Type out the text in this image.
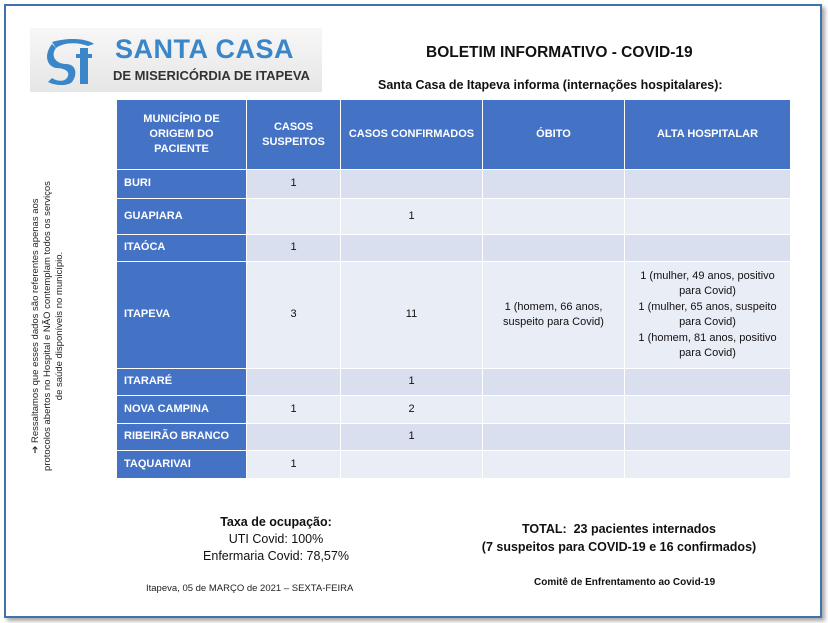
SANTA CASA
DE MISERICÓRDIA DE ITAPEVA
BOLETIM INFORMATIVO - COVID-19
Santa Casa de Itapeva informa (internações hospitalares):
➔ Ressaltamos que esses dados são referentes apenas aos protocolos abertos no Hospital e NÃO contemplam todos os serviços de saúde disponíveis no município.
MUNICÍPIO DE ORIGEM DO PACIENTE	CASOS SUSPEITOS	CASOS CONFIRMADOS	ÓBITO	ALTA HOSPITALAR
BURI	1			
GUAPIARA		1		
ITAÓCA	1			
ITAPEVA	3	11	1 (homem, 66 anos, suspeito para Covid)	1 (mulher, 49 anos, positivo para Covid)
1 (mulher, 65 anos, suspeito para Covid)
1 (homem, 81 anos, positivo para Covid)
ITARARÉ		1		
NOVA CAMPINA	1	2		
RIBEIRÃO BRANCO		1		
TAQUARIVAI	1			
Taxa de ocupação:
UTI Covid: 100%
Enfermaria Covid: 78,57%
TOTAL:  23 pacientes internados
(7 suspeitos para COVID-19 e 16 confirmados)
Itapeva, 05 de MARÇO de 2021 – SEXTA-FEIRA
Comitê de Enfrentamento ao Covid-19
